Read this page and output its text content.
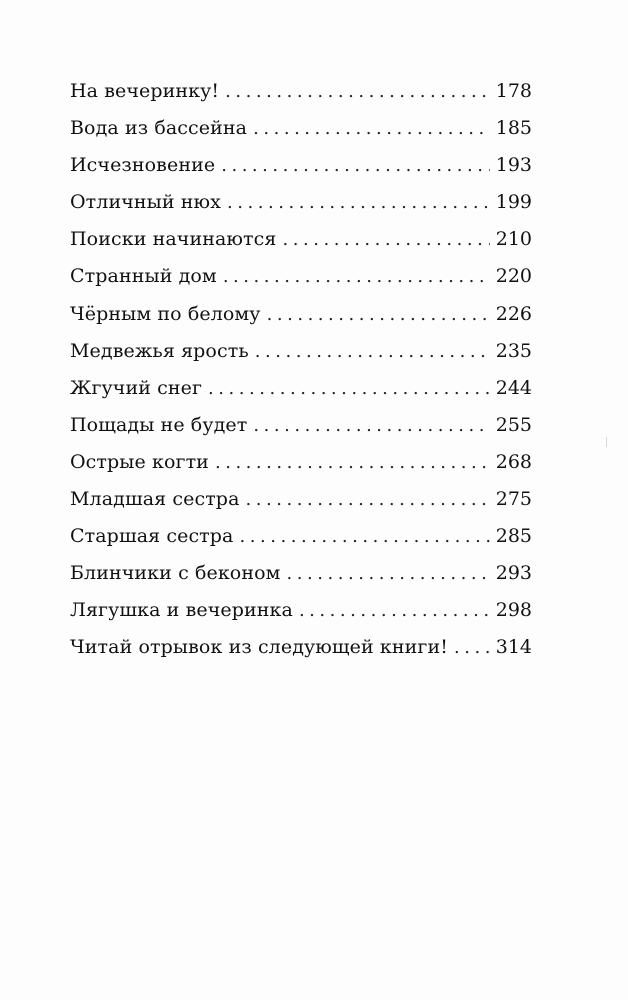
На вечеринку! . . .	178
Вода из бассейна . . .	185
Исчезновение . . .	193
Отличный нюх . . .	199
Поиски начинаются . . .	210
Странный дом . . .	220
Чёрным по белому . . .	226
Медвежья ярость . . .	235
Жгучий снег . . .	244
Пощады не будет . . .	255
Острые когти . . .	268
Младшая сестра . . .	275
Старшая сестра . . .	285
Блинчики с беконом . . .	293
Лягушка и вечеринка . . .	298
Читай отрывок из следующей книги! . . .	314
